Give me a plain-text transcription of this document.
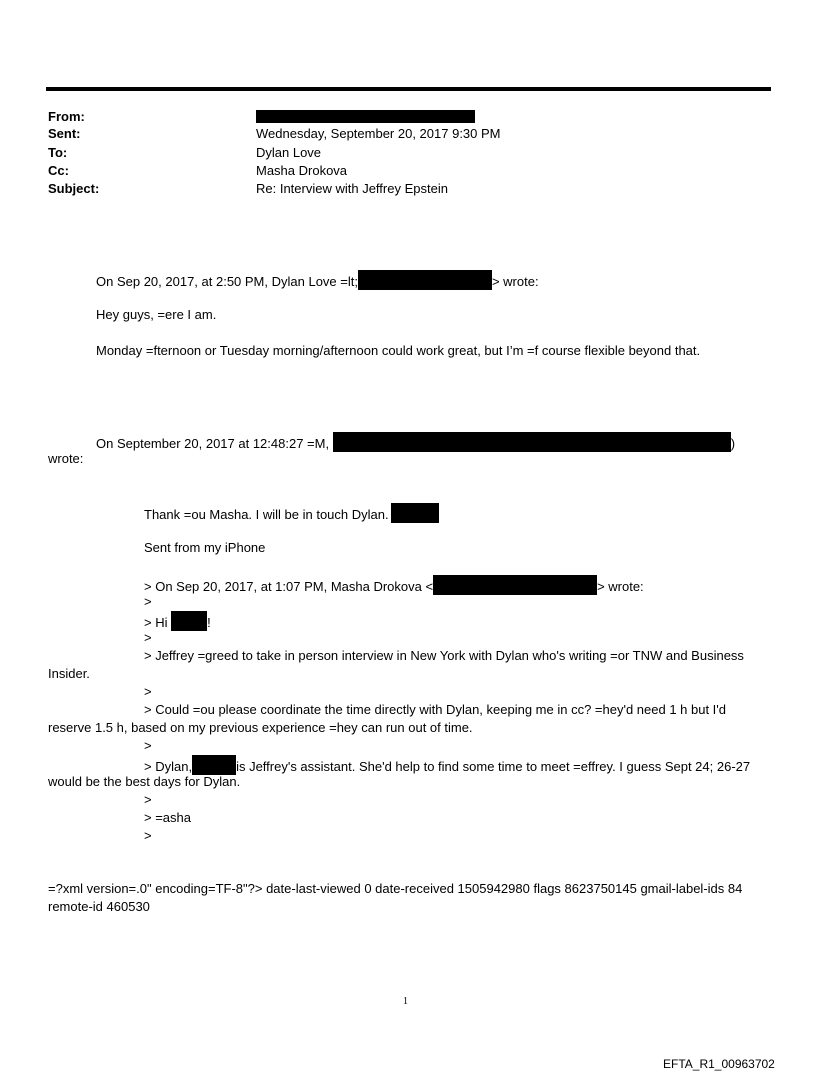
From:
Sent:	Wednesday, September 20, 2017 9:30 PM
To:	Dylan Love
Cc:	Masha Drokova
Subject:	Re: Interview with Jeffrey Epstein
On Sep 20, 2017, at 2:50 PM, Dylan Love =lt;	> wrote:
Hey guys, =ere I am.
Monday =fternoon or Tuesday morning/afternoon could work great, but I’m =f course flexible beyond that.
On September 20, 2017 at 12:48:27 =M,	)
wrote:
Thank =ou Masha. I will be in touch Dylan.
Sent from my iPhone
> On Sep 20, 2017, at 1:07 PM, Masha Drokova <	> wrote:
>
> Hi	!
>
> Jeffrey =greed to take in person interview in New York with Dylan who's writing =or TNW and Business
Insider.
>
> Could =ou please coordinate the time directly with Dylan, keeping me in cc? =hey'd need 1 h but I'd
reserve 1.5 h, based on my previous experience =hey can run out of time.
>
> Dylan,	is Jeffrey's assistant. She'd help to find some time to meet =effrey. I guess Sept 24; 26-27
would be the best days for Dylan.
>
> =asha
>
=?xml version=.0" encoding=TF-8"?> date-last-viewed 0 date-received 1505942980 flags 8623750145 gmail-label-ids 84
remote-id 460530
1
EFTA_R1_00963702
